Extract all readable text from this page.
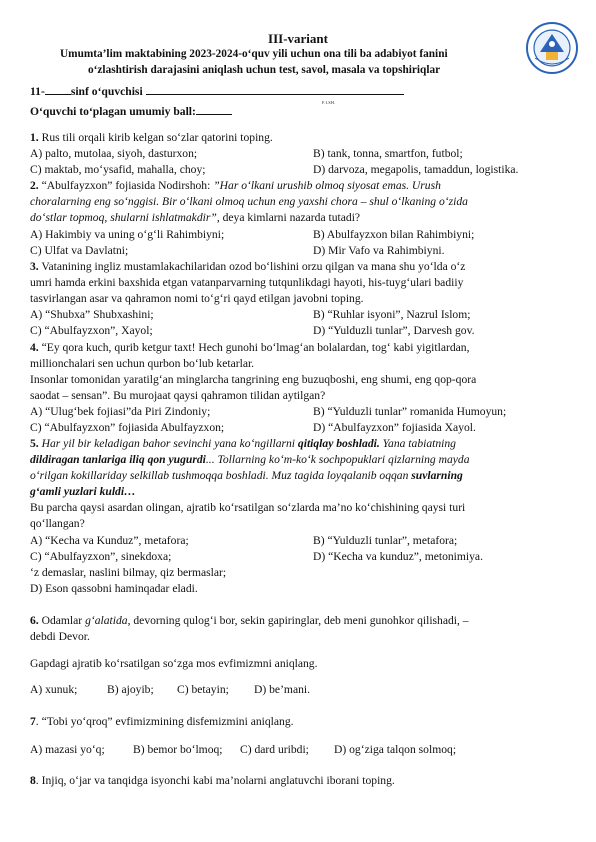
III-variant
Umumta’lim maktabining 2023-2024-o‘quv yili uchun ona tili ba adabiyot fanini
o‘zlashtirish darajasini aniqlash uchun test, savol, masala va topshiriqlar
11- sinf o‘quvchisi
F.I.SH.
O‘quvchi to‘plagan umumiy ball:
1. Rus tili orqali kirib kelgan so‘zlar qatorini toping.
A) palto, mutolaa, siyoh, dasturxon;	B) tank, tonna, smartfon, futbol;
C) maktab, mo‘ysafid, mahalla, choy;	D) darvoza, megapolis, tamaddun, logistika.
2. “Abulfayzxon” fojiasida Nodirshoh: ”Har o‘lkani urushib olmoq siyosat emas. Urush
choralarning eng so‘nggisi. Bir o‘lkani olmoq uchun eng yaxshi chora – shul o‘lkaning o‘zida
do‘stlar topmoq, shularni ishlatmakdir”, deya kimlarni nazarda tutadi?
A) Hakimbiy va uning o‘g‘li Rahimbiyni;	B) Abulfayzxon bilan Rahimbiyni;
C) Ulfat va Davlatni;	D) Mir Vafo va Rahimbiyni.
3. Vatanining ingliz mustamlakachilaridan ozod bo‘lishini orzu qilgan va mana shu yo‘lda o‘z
umri hamda erkini baxshida etgan vatanparvarning tutqunlikdagi hayoti, his-tuyg‘ulari badiiy
tasvirlangan asar va qahramon nomi to‘g‘ri qayd etilgan javobni toping.
A) “Shubxa” Shubxashini;	B) “Ruhlar isyoni”, Nazrul Islom;
C) “Abulfayzxon”, Xayol;	D) “Yulduzli tunlar”, Darvesh gov.
4. “Ey qora kuch, qurib ketgur taxt! Hech gunohi bo‘lmag‘an bolalardan, tog‘ kabi yigitlardan,
millionchalari sen uchun qurbon bo‘lub ketarlar.
Insonlar tomonidan yaratilg‘an minglarcha tangrining eng buzuqboshi, eng shumi, eng qop-qora
saodat – sensan”. Bu murojaat qaysi qahramon tilidan aytilgan?
A) “Ulug‘bek fojiasi”da Piri Zindoniy;	B) “Yulduzli tunlar” romanida Humoyun;
C) “Abulfayzxon” fojiasida Abulfayzxon;	D) “Abulfayzxon” fojiasida Xayol.
5. Har yil bir keladigan bahor sevinchi yana ko‘ngillarni qitiqlay boshladi. Yana tabiatning
dildiragan tanlariga iliq qon yugurdi... Tollarning ko‘m-ko‘k sochpopuklari qizlarning mayda
o‘rilgan kokillariday selkillab tushmoqqa boshladi. Muz tagida loyqalanib oqqan suvlarning
g‘amli yuzlari kuldi…
Bu parcha qaysi asardan olingan, ajratib ko‘rsatilgan so‘zlarda ma’no ko‘chishining qaysi turi
qo‘llangan?
A) “Kecha va Kunduz”, metafora;	B) “Yulduzli tunlar”, metafora;
C) “Abulfayzxon”, sinekdoxa;	D) “Kecha va kunduz”, metonimiya.
‘z demaslar, naslini bilmay, qiz bermaslar;
D) Eson qassobni haminqadar eladi.
6. Odamlar g‘alatida, devorning qulog‘i bor, sekin gapiringlar, deb meni gunohkor qilishadi, –
debdi Devor.
Gapdagi ajratib ko‘rsatilgan so‘zga mos evfimizmni aniqlang.
A) xunuk;	B) ajoyib; C) betayin; D) be’mani.
7. “Tobi yo‘qroq” evfimizmining disfemizmini aniqlang.
A) mazasi yo‘q; B) bemor bo‘lmoq; C) dard uribdi; D) og‘ziga talqon solmoq;
8. Injiq, o‘jar va tanqidga isyonchi kabi ma’nolarni anglatuvchi iborani toping.
